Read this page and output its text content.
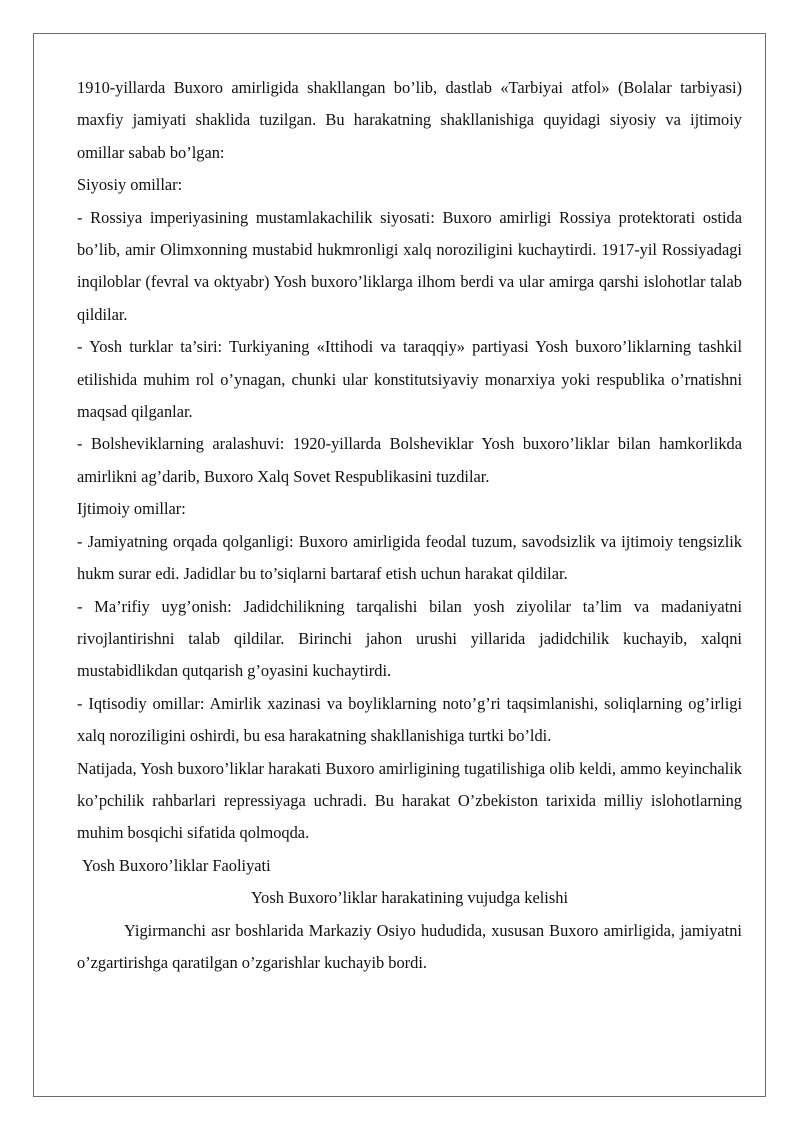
1910-yillarda Buxoro amirligida shakllangan bo’lib, dastlab «Tarbiyai atfol» (Bolalar tarbiyasi) maxfiy jamiyati shaklida tuzilgan. Bu harakatning shakllanishiga quyidagi siyosiy va ijtimoiy omillar sabab bo’lgan:

Siyosiy omillar:

- Rossiya imperiyasining mustamlakachilik siyosati: Buxoro amirligi Rossiya protektorati ostida bo’lib, amir Olimxonning mustabid hukmronligi xalq noroziligini kuchaytirdi. 1917-yil Rossiyadagi inqiloblar (fevral va oktyabr) Yosh buxoro’liklarga ilhom berdi va ular amirga qarshi islohotlar talab qildilar.

- Yosh turklar ta’siri: Turkiyaning «Ittihodi va taraqqiy» partiyasi Yosh buxoro’liklarning tashkil etilishida muhim rol o’ynagan, chunki ular konstitutsiyaviy monarxiya yoki respublika o’rnatishni maqsad qilganlar.

- Bolsheviklarning aralashuvi: 1920-yillarda Bolsheviklar Yosh buxoro’liklar bilan hamkorlikda amirlikni ag’darib, Buxoro Xalq Sovet Respublikasini tuzdilar.

Ijtimoiy omillar:

- Jamiyatning orqada qolganligi: Buxoro amirligida feodal tuzum, savodsizlik va ijtimoiy tengsizlik hukm surar edi. Jadidlar bu to’siqlarni bartaraf etish uchun harakat qildilar.

- Ma’rifiy uyg’onish: Jadidchilikning tarqalishi bilan yosh ziyolilar ta’lim va madaniyatni rivojlantirishni talab qildilar. Birinchi jahon urushi yillarida jadidchilik kuchayib, xalqni mustabidlikdan qutqarish g’oyasini kuchaytirdi.

- Iqtisodiy omillar: Amirlik xazinasi va boyliklarning noto’g’ri taqsimlanishi, soliqlarning og’irligi xalq noroziligini oshirdi, bu esa harakatning shakllanishiga turtki bo’ldi.

Natijada, Yosh buxoro’liklar harakati Buxoro amirligining tugatilishiga olib keldi, ammo keyinchalik ko’pchilik rahbarlari repressiyaga uchradi. Bu harakat O’zbekiston tarixida milliy islohotlarning muhim bosqichi sifatida qolmoqda.

Yosh Buxoro’liklar Faoliyati

Yosh Buxoro’liklar harakatining vujudga kelishi

Yigirmanchi asr boshlarida Markaziy Osiyo hududida, xususan Buxoro amirligida, jamiyatni o’zgartirishga qaratilgan o’zgarishlar kuchayib bordi.
